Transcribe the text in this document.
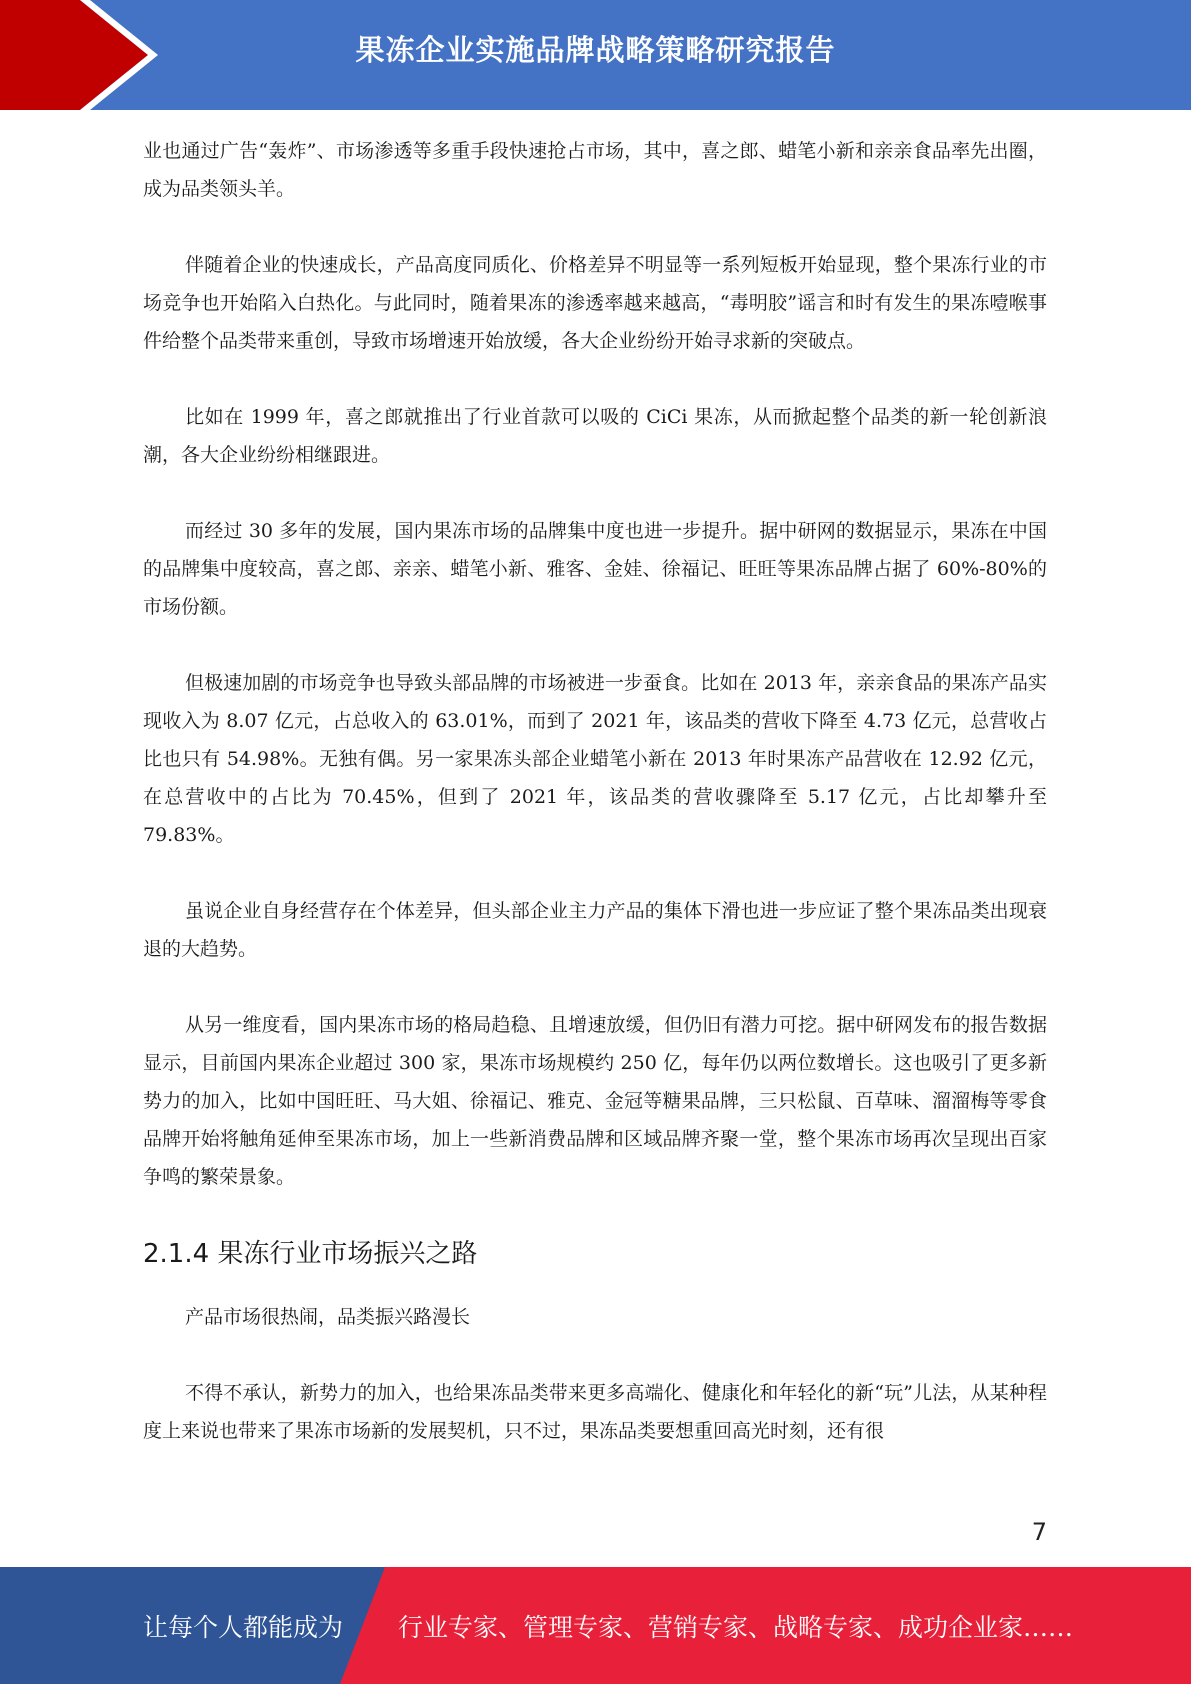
果冻企业实施品牌战略策略研究报告

业也通过广告“轰炸”、市场渗透等多重手段快速抢占市场，其中，喜之郎、蜡笔小新和亲亲食品率先出圈，成为品类领头羊。

伴随着企业的快速成长，产品高度同质化、价格差异不明显等一系列短板开始显现，整个果冻行业的市场竞争也开始陷入白热化。与此同时，随着果冻的渗透率越来越高，“毒明胶”谣言和时有发生的果冻噎喉事件给整个品类带来重创，导致市场增速开始放缓，各大企业纷纷开始寻求新的突破点。

比如在 1999 年，喜之郎就推出了行业首款可以吸的 CiCi 果冻，从而掀起整个品类的新一轮创新浪潮，各大企业纷纷相继跟进。

而经过 30 多年的发展，国内果冻市场的品牌集中度也进一步提升。据中研网的数据显示，果冻在中国的品牌集中度较高，喜之郎、亲亲、蜡笔小新、雅客、金娃、徐福记、旺旺等果冻品牌占据了 60%-80%的市场份额。

但极速加剧的市场竞争也导致头部品牌的市场被进一步蚕食。比如在 2013 年，亲亲食品的果冻产品实现收入为 8.07 亿元，占总收入的 63.01%，而到了 2021 年，该品类的营收下降至 4.73 亿元，总营收占比也只有 54.98%。无独有偶。另一家果冻头部企业蜡笔小新在 2013 年时果冻产品营收在 12.92 亿元，在总营收中的占比为 70.45%，但到了 2021 年，该品类的营收骤降至 5.17 亿元，占比却攀升至 79.83%。

虽说企业自身经营存在个体差异，但头部企业主力产品的集体下滑也进一步应证了整个果冻品类出现衰退的大趋势。

从另一维度看，国内果冻市场的格局趋稳、且增速放缓，但仍旧有潜力可挖。据中研网发布的报告数据显示，目前国内果冻企业超过 300 家，果冻市场规模约 250 亿，每年仍以两位数增长。这也吸引了更多新势力的加入，比如中国旺旺、马大姐、徐福记、雅克、金冠等糖果品牌，三只松鼠、百草味、溜溜梅等零食品牌开始将触角延伸至果冻市场，加上一些新消费品牌和区域品牌齐聚一堂，整个果冻市场再次呈现出百家争鸣的繁荣景象。

2.1.4 果冻行业市场振兴之路

产品市场很热闹，品类振兴路漫长

不得不承认，新势力的加入，也给果冻品类带来更多高端化、健康化和年轻化的新“玩”儿法，从某种程度上来说也带来了果冻市场新的发展契机，只不过，果冻品类要想重回高光时刻，还有很

7
让每个人都能成为 行业专家、管理专家、营销专家、战略专家、成功企业家……
